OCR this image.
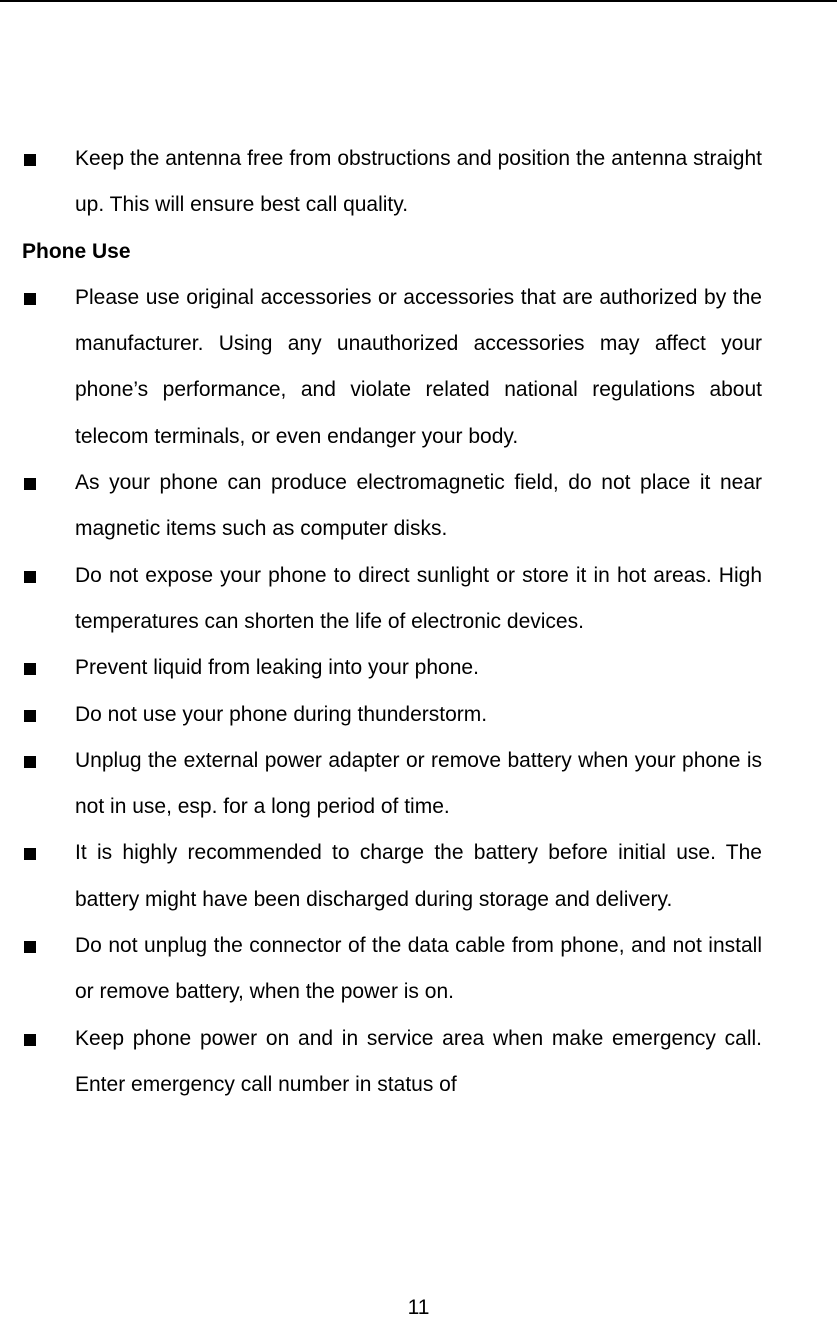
Keep the antenna free from obstructions and position the antenna straight up. This will ensure best call quality.
Phone Use
Please use original accessories or accessories that are authorized by the manufacturer. Using any unauthorized accessories may affect your phone’s performance, and violate related national regulations about telecom terminals, or even endanger your body.
As your phone can produce electromagnetic field, do not place it near magnetic items such as computer disks.
Do not expose your phone to direct sunlight or store it in hot areas. High temperatures can shorten the life of electronic devices.
Prevent liquid from leaking into your phone.
Do not use your phone during thunderstorm.
Unplug the external power adapter or remove battery when your phone is not in use, esp. for a long period of time.
It is highly recommended to charge the battery before initial use. The battery might have been discharged during storage and delivery.
Do not unplug the connector of the data cable from phone, and not install or remove battery, when the power is on.
Keep phone power on and in service area when make emergency call. Enter emergency call number in status of
11
